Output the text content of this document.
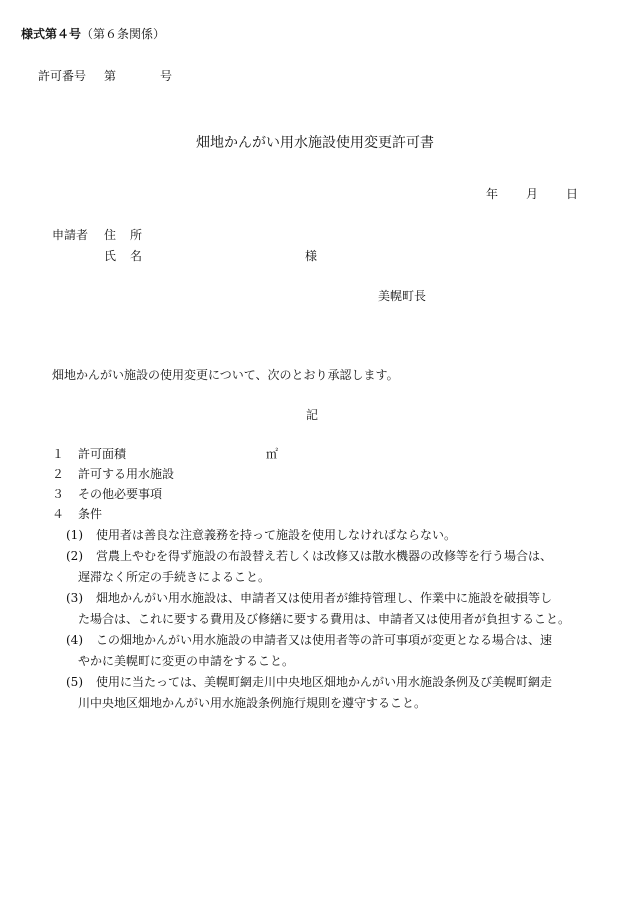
様式第４号（第６条関係）
許可番号 第	号
畑地かんがい用水施設使用変更許可書
年 月 日
申請者 住所
氏名	様
美幌町長
畑地かんがい施設の使用変更について、次のとおり承認します。
記
１ 許可面積	㎡
２ 許可する用水施設
３ その他必要事項
４ 条件
(1)	使用者は善良な注意義務を持って施設を使用しなければならない。
(2)	営農上やむを得ず施設の布設替え若しくは改修又は散水機器の改修等を行う場合は、
遅滞なく所定の手続きによること。
(3)	畑地かんがい用水施設は、申請者又は使用者が維持管理し、作業中に施設を破損等し
た場合は、これに要する費用及び修繕に要する費用は、申請者又は使用者が負担すること。
(4)	この畑地かんがい用水施設の申請者又は使用者等の許可事項が変更となる場合は、速
やかに美幌町に変更の申請をすること。
(5)	使用に当たっては、美幌町網走川中央地区畑地かんがい用水施設条例及び美幌町網走
川中央地区畑地かんがい用水施設条例施行規則を遵守すること。
